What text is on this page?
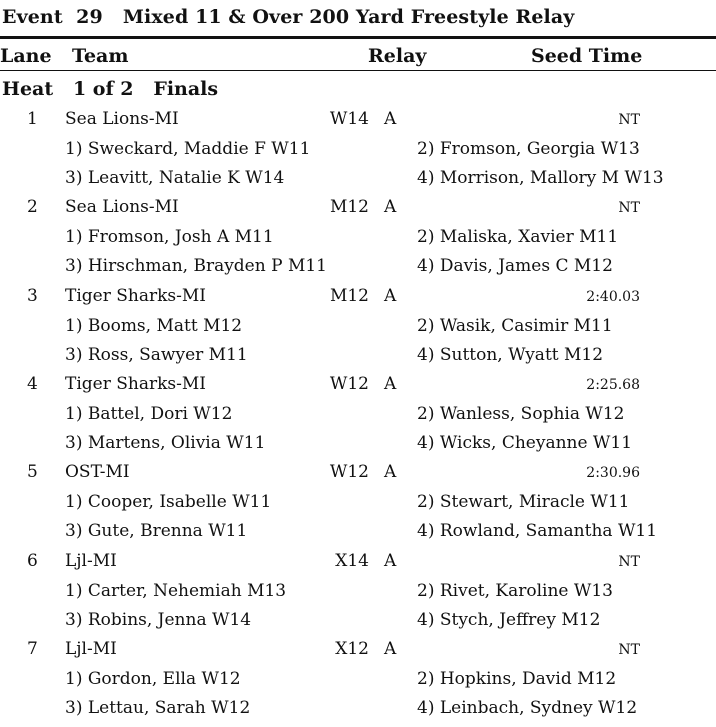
Event  29   Mixed 11 & Over 200 Yard Freestyle Relay
Lane Team	Relay	Seed Time
Heat   1 of 2   Finals
1 Sea Lions-MI	W14 A	NT
1) Sweckard, Maddie F W11	2) Fromson, Georgia W13
3) Leavitt, Natalie K W14	4) Morrison, Mallory M W13
2 Sea Lions-MI	M12 A	NT
1) Fromson, Josh A M11	2) Maliska, Xavier M11
3) Hirschman, Brayden P M11	4) Davis, James C M12
3 Tiger Sharks-MI	M12 A	2:40.03
1) Booms, Matt M12	2) Wasik, Casimir M11
3) Ross, Sawyer M11	4) Sutton, Wyatt M12
4 Tiger Sharks-MI	W12 A	2:25.68
1) Battel, Dori W12	2) Wanless, Sophia W12
3) Martens, Olivia W11	4) Wicks, Cheyanne W11
5 OST-MI	W12 A	2:30.96
1) Cooper, Isabelle W11	2) Stewart, Miracle W11
3) Gute, Brenna W11	4) Rowland, Samantha W11
6 Ljl-MI	X14 A	NT
1) Carter, Nehemiah M13	2) Rivet, Karoline W13
3) Robins, Jenna W14	4) Stych, Jeffrey M12
7 Ljl-MI	X12 A	NT
1) Gordon, Ella W12	2) Hopkins, David M12
3) Lettau, Sarah W12	4) Leinbach, Sydney W12
